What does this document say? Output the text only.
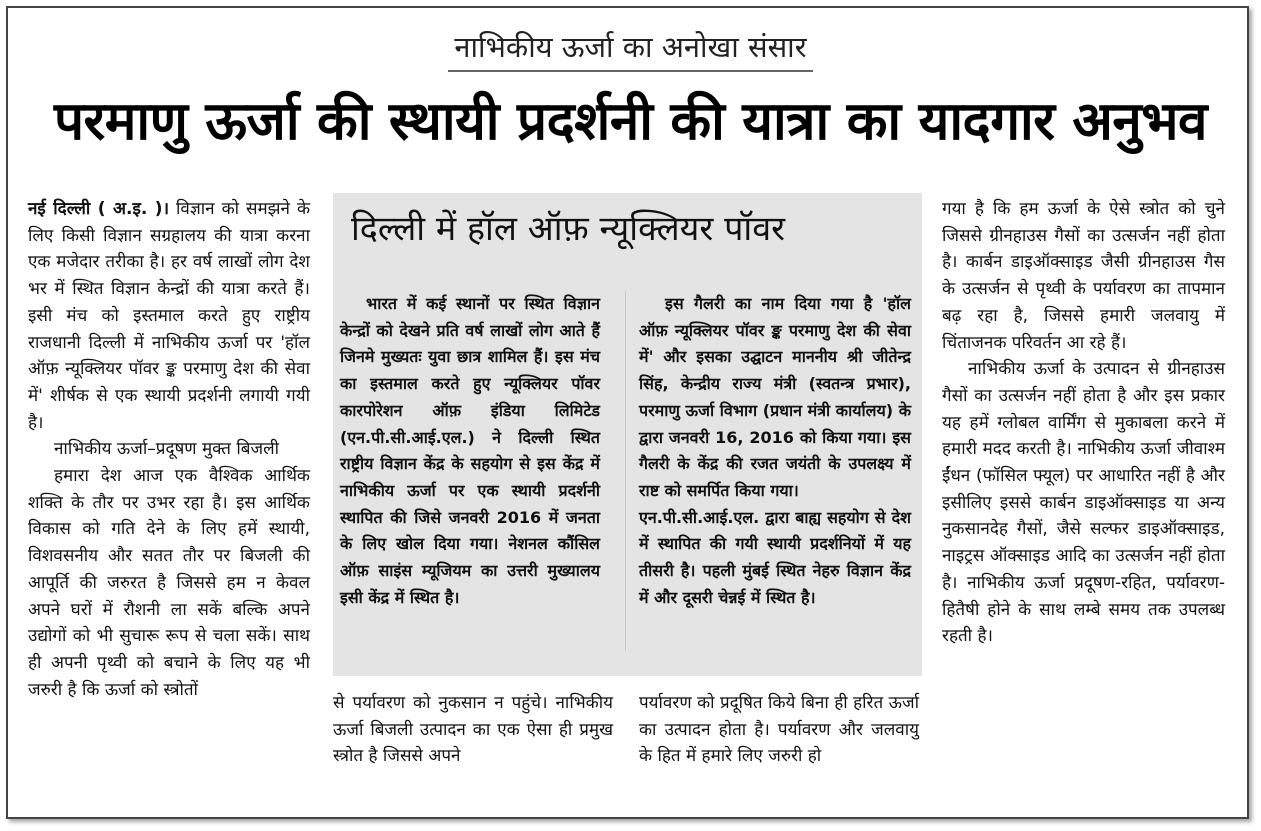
नाभिकीय ऊर्जा का अनोखा संसार
परमाणु ऊर्जा की स्थायी प्रदर्शनी की यात्रा का यादगार अनुभव

नई दिल्ली ( अ.इ. )। विज्ञान को समझने के लिए किसी विज्ञान सग्रहालय की यात्रा करना एक मजेदार तरीका है। हर वर्ष लाखों लोग देश भर में स्थित विज्ञान केन्द्रों की यात्रा करते हैं। इसी मंच को इस्तमाल करते हुए राष्ट्रीय राजधानी दिल्ली में नाभिकीय ऊर्जा पर 'हॉल ऑफ़ न्यूक्लियर पॉवर ङ्क परमाणु देश की सेवा में' शीर्षक से एक स्थायी प्रदर्शनी लगायी गयी है।

नाभिकीय ऊर्जा–प्रदूषण मुक्त बिजली

हमारा देश आज एक वैश्विक आर्थिक शक्ति के तौर पर उभर रहा है। इस आर्थिक विकास को गति देने के लिए हमें स्थायी, विशवसनीय और सतत तौर पर बिजली की आपूर्ति की जरुरत है जिससे हम न केवल अपने घरों में रौशनी ला सकें बल्कि अपने उद्योगों को भी सुचारू रूप से चला सकें। साथ ही अपनी पृथ्वी को बचाने के लिए यह भी जरुरी है कि ऊर्जा को स्त्रोतों

दिल्ली में हॉल ऑफ़ न्यूक्लियर पॉवर

भारत में कई स्थानों पर स्थित विज्ञान केन्द्रों को देखने प्रति वर्ष लाखों लोग आते हैं जिनमे मुख्यतः युवा छात्र शामिल हैं। इस मंच का इस्तमाल करते हुए न्यूक्लियर पॉवर कारपोरेशन ऑफ़ इंडिया लिमिटेड (एन.पी.सी.आई.एल.) ने दिल्ली स्थित राष्ट्रीय विज्ञान केंद्र के सहयोग से इस केंद्र में नाभिकीय ऊर्जा पर एक स्थायी प्रदर्शनी स्थापित की जिसे जनवरी 2016 में जनता के लिए खोल दिया गया। नेशनल कौंसिल ऑफ़ साइंस म्यूजियम का उत्तरी मुख्यालय इसी केंद्र में स्थित है।

इस गैलरी का नाम दिया गया है 'हॉल ऑफ़ न्यूक्लियर पॉवर ङ्क परमाणु देश की सेवा में' और इसका उद्घाटन माननीय श्री जीतेन्द्र सिंह, केन्द्रीय राज्य मंत्री (स्वतन्त्र प्रभार), परमाणु ऊर्जा विभाग (प्रधान मंत्री कार्यालय) के द्वारा जनवरी 16, 2016 को किया गया। इस गैलरी के केंद्र की रजत जयंती के उपलक्ष्य में राष्ट को समर्पित किया गया।

एन.पी.सी.आई.एल. द्वारा बाह्य सहयोग से देश में स्थापित की गयी स्थायी प्रदर्शनियों में यह तीसरी है। पहली मुंबई स्थित नेहरु विज्ञान केंद्र में और दूसरी चेन्नई में स्थित है।

से पर्यावरण को नुकसान न पहुंचे। नाभिकीय ऊर्जा बिजली उत्पादन का एक ऐसा ही प्रमुख स्त्रोत है जिससे अपने

पर्यावरण को प्रदूषित किये बिना ही हरित ऊर्जा का उत्पादन होता है। पर्यावरण और जलवायु के हित में हमारे लिए जरुरी हो

गया है कि हम ऊर्जा के ऐसे स्त्रोत को चुने जिससे ग्रीनहाउस गैसों का उत्सर्जन नहीं होता है। कार्बन डाइऑक्साइड जैसी ग्रीनहाउस गैस के उत्सर्जन से पृथ्वी के पर्यावरण का तापमान बढ़ रहा है, जिससे हमारी जलवायु में चिंताजनक परिवर्तन आ रहे हैं।

नाभिकीय ऊर्जा के उत्पादन से ग्रीनहाउस गैसों का उत्सर्जन नहीं होता है और इस प्रकार यह हमें ग्लोबल वार्मिंग से मुकाबला करने में हमारी मदद करती है। नाभिकीय ऊर्जा जीवाश्म ईंधन (फॉसिल फ्यूल) पर आधारित नहीं है और इसीलिए इससे कार्बन डाइऑक्साइड या अन्य नुकसानदेह गैसों, जैसे सल्फर डाइऑक्साइड, नाइट्रस ऑक्साइड आदि का उत्सर्जन नहीं होता है। नाभिकीय ऊर्जा प्रदूषण-रहित, पर्यावरण-हितैषी होने के साथ लम्बे समय तक उपलब्ध रहती है।
